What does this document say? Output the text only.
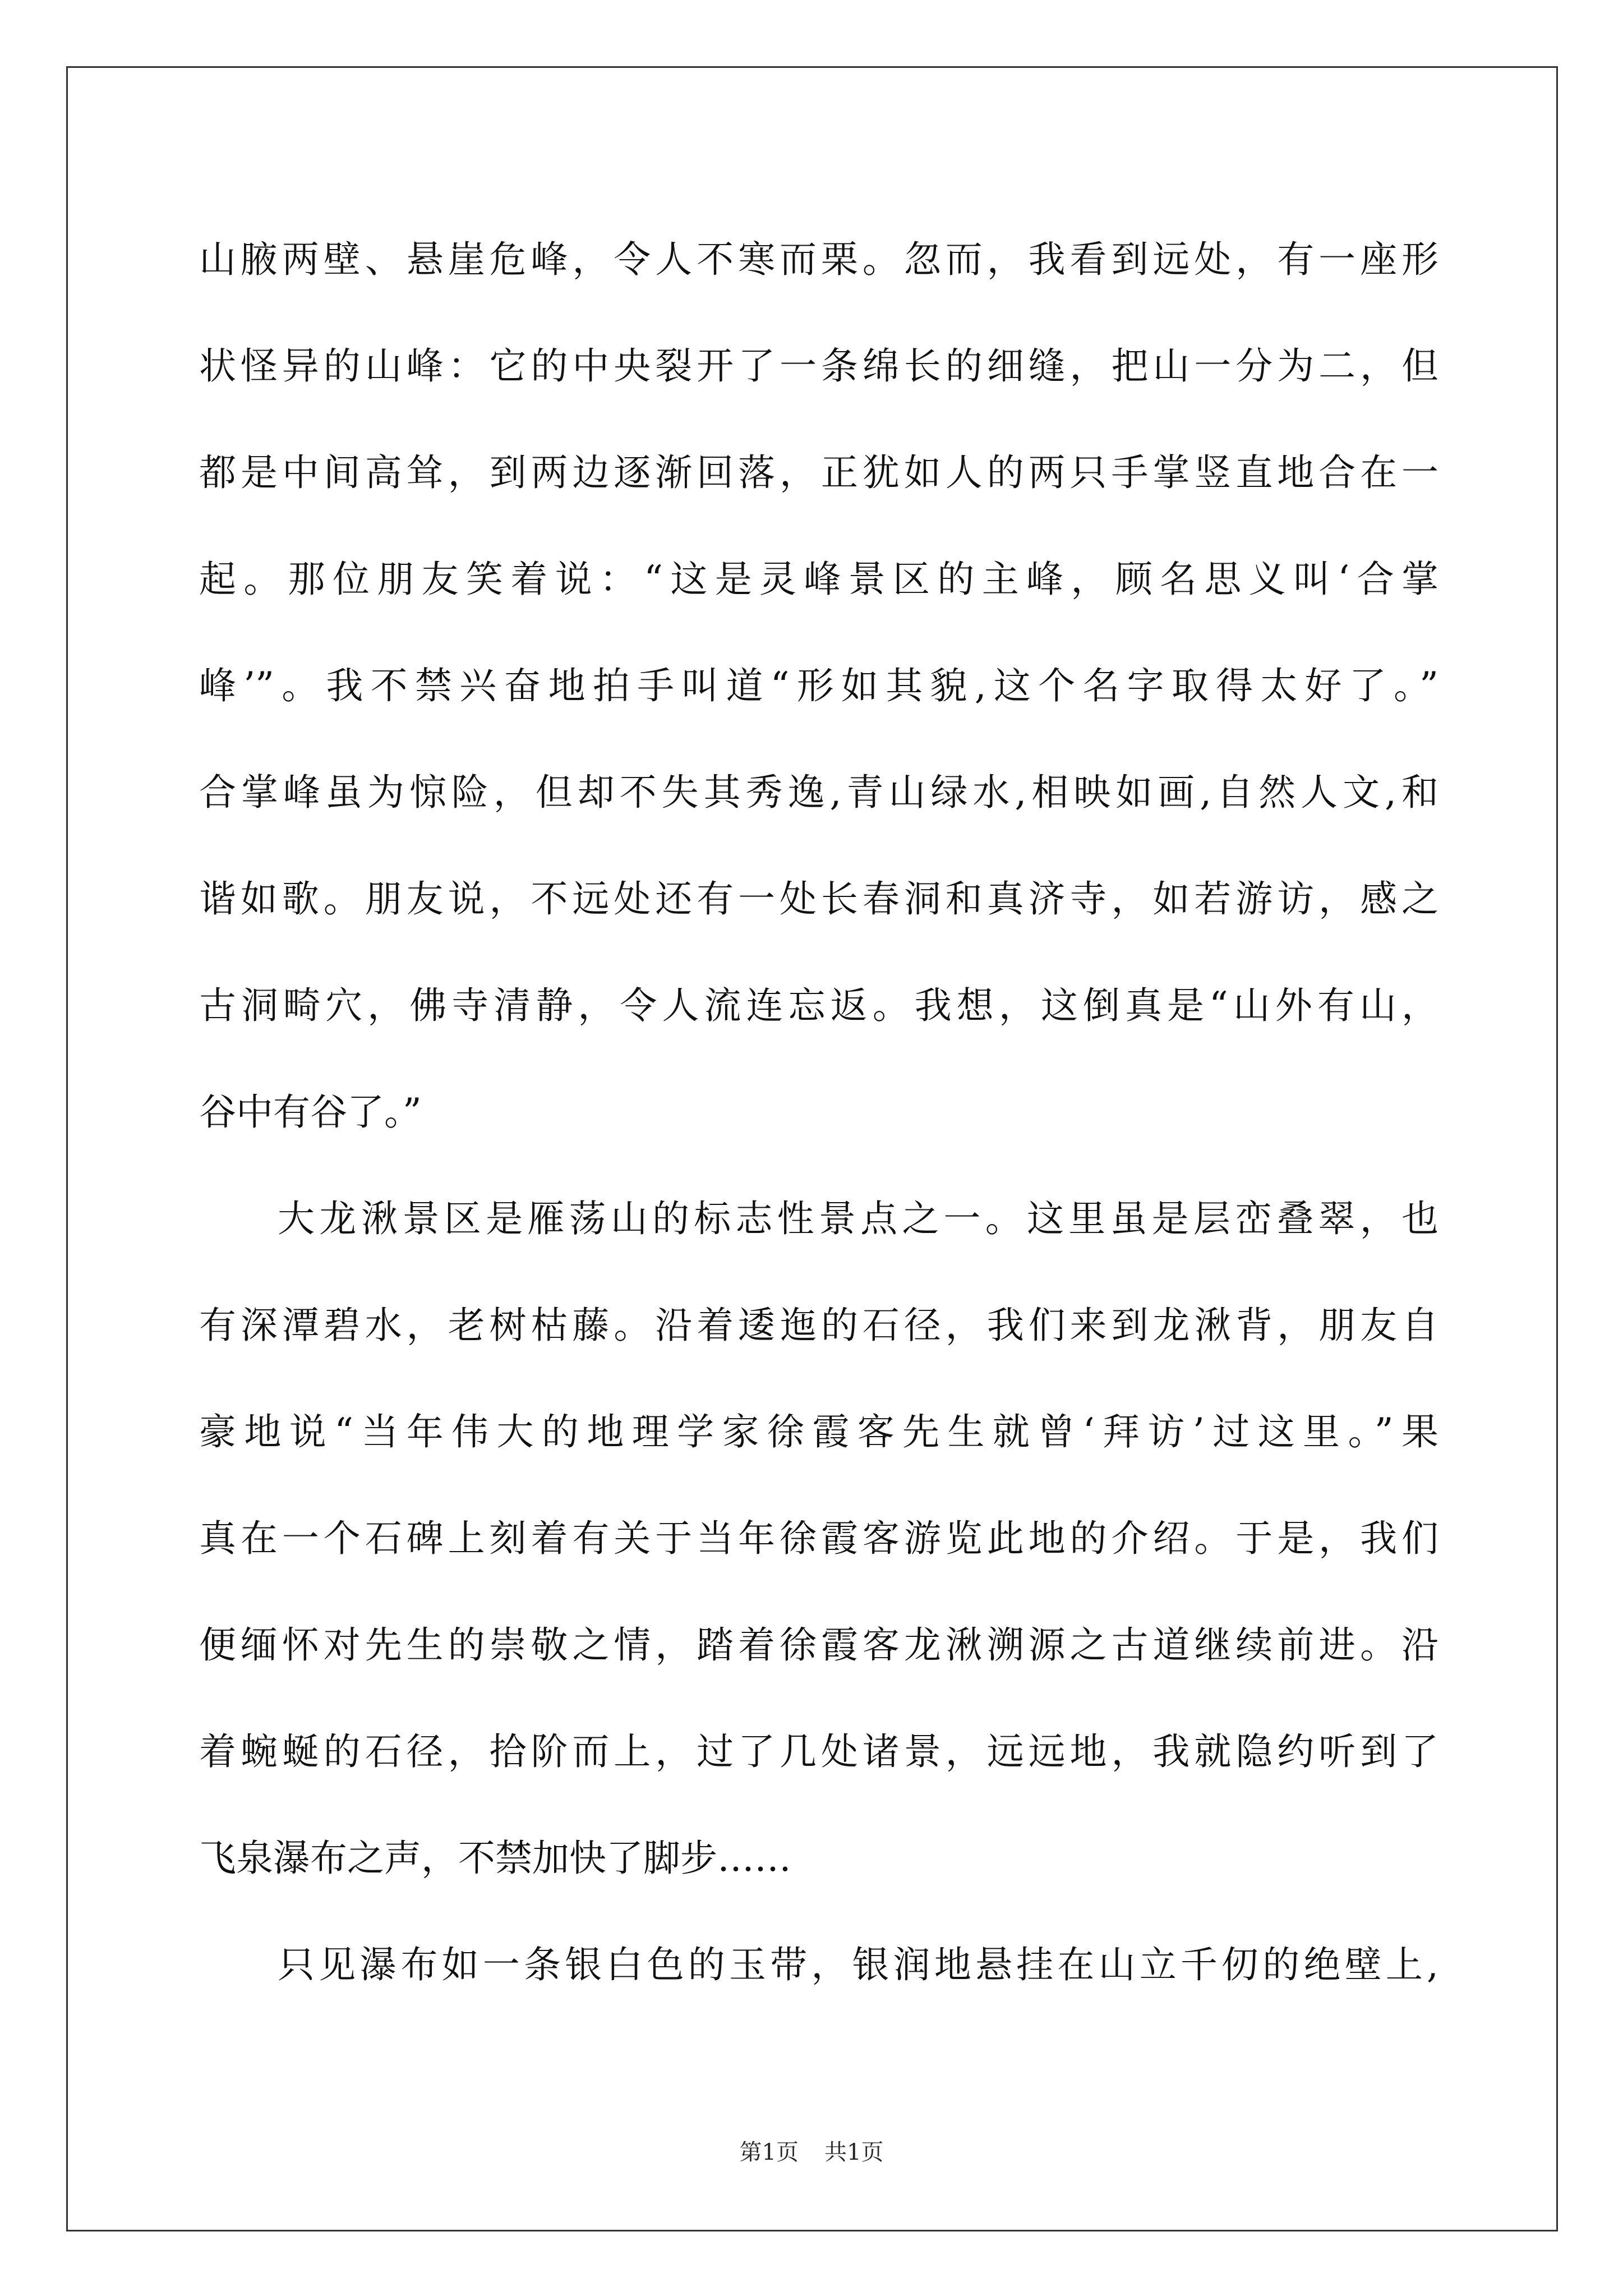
山腋两壁、悬崖危峰，令人不寒而栗。忽而，我看到远处，有一座形
状怪异的山峰：它的中央裂开了一条绵长的细缝，把山一分为二，但
都是中间高耸，到两边逐渐回落，正犹如人的两只手掌竖直地合在一
起。那位朋友笑着说：“这是灵峰景区的主峰，顾名思义叫‘合掌
峰’”。我不禁兴奋地拍手叫道“形如其貌,这个名字取得太好了。”
合掌峰虽为惊险，但却不失其秀逸,青山绿水,相映如画,自然人文,和
谐如歌。朋友说，不远处还有一处长春洞和真济寺，如若游访，感之
古洞畸穴，佛寺清静，令人流连忘返。我想，这倒真是“山外有山，
谷中有谷了。”
大龙湫景区是雁荡山的标志性景点之一。这里虽是层峦叠翠，也
有深潭碧水，老树枯藤。沿着逶迤的石径，我们来到龙湫背，朋友自
豪地说“当年伟大的地理学家徐霞客先生就曾‘拜访’过这里。”果
真在一个石碑上刻着有关于当年徐霞客游览此地的介绍。于是，我们
便缅怀对先生的崇敬之情，踏着徐霞客龙湫溯源之古道继续前进。沿
着蜿蜒的石径，拾阶而上，过了几处诸景，远远地，我就隐约听到了
飞泉瀑布之声，不禁加快了脚步……
只见瀑布如一条银白色的玉带，银润地悬挂在山立千仞的绝壁上,
第1页 共1页
